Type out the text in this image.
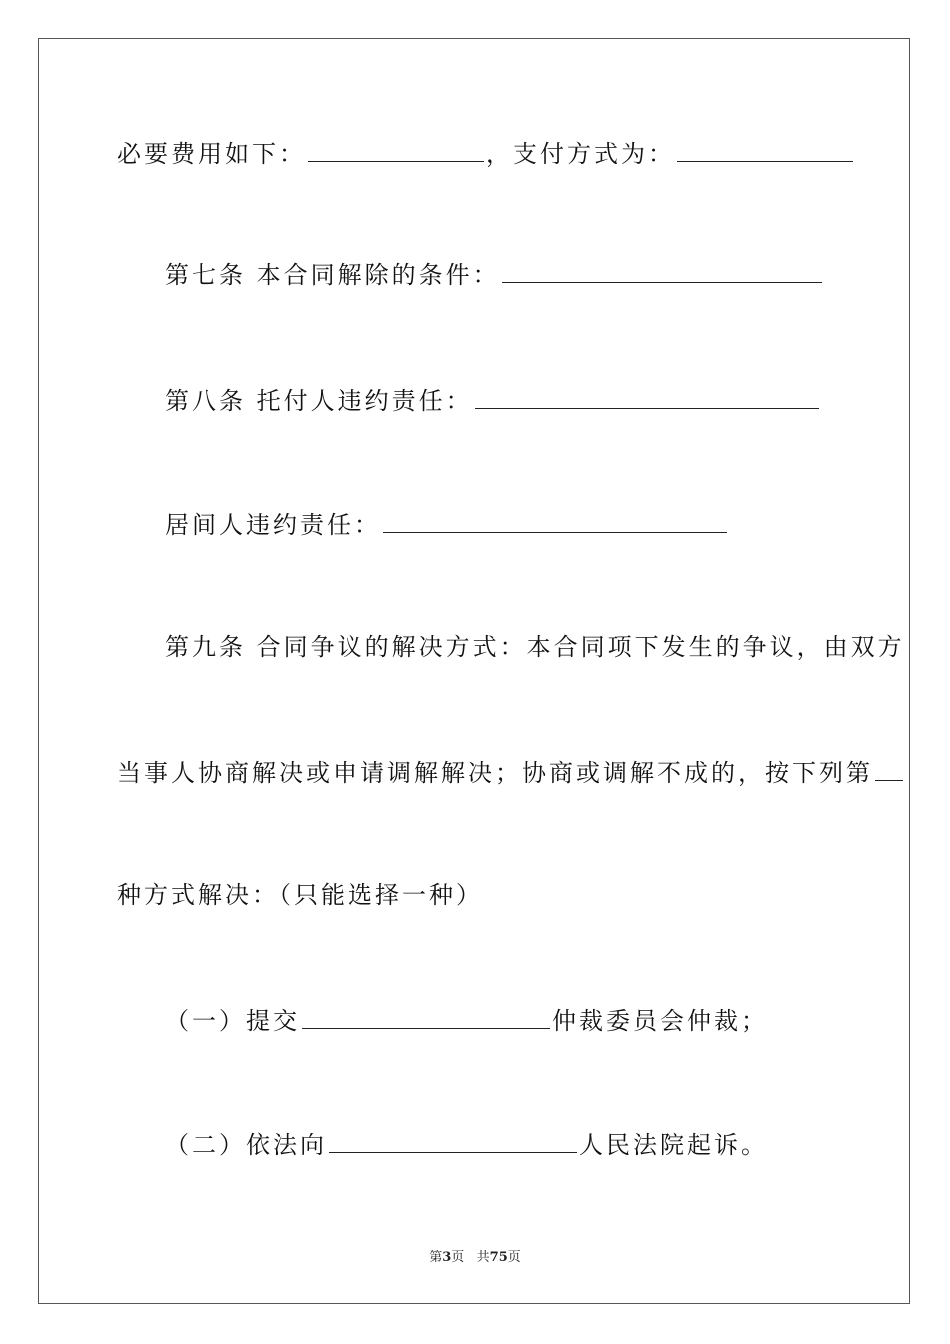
必要费用如下：	，支付方式为：
第七条 本合同解除的条件：
第八条 托付人违约责任：
居间人违约责任：
第九条 合同争议的解决方式：本合同项下发生的争议，由双方
当事人协商解决或申请调解解决；协商或调解不成的，按下列第
种方式解决：（只能选择一种）
（一）提交	仲裁委员会仲裁；
（二）依法向	人民法院起诉。
第3页   共75页
